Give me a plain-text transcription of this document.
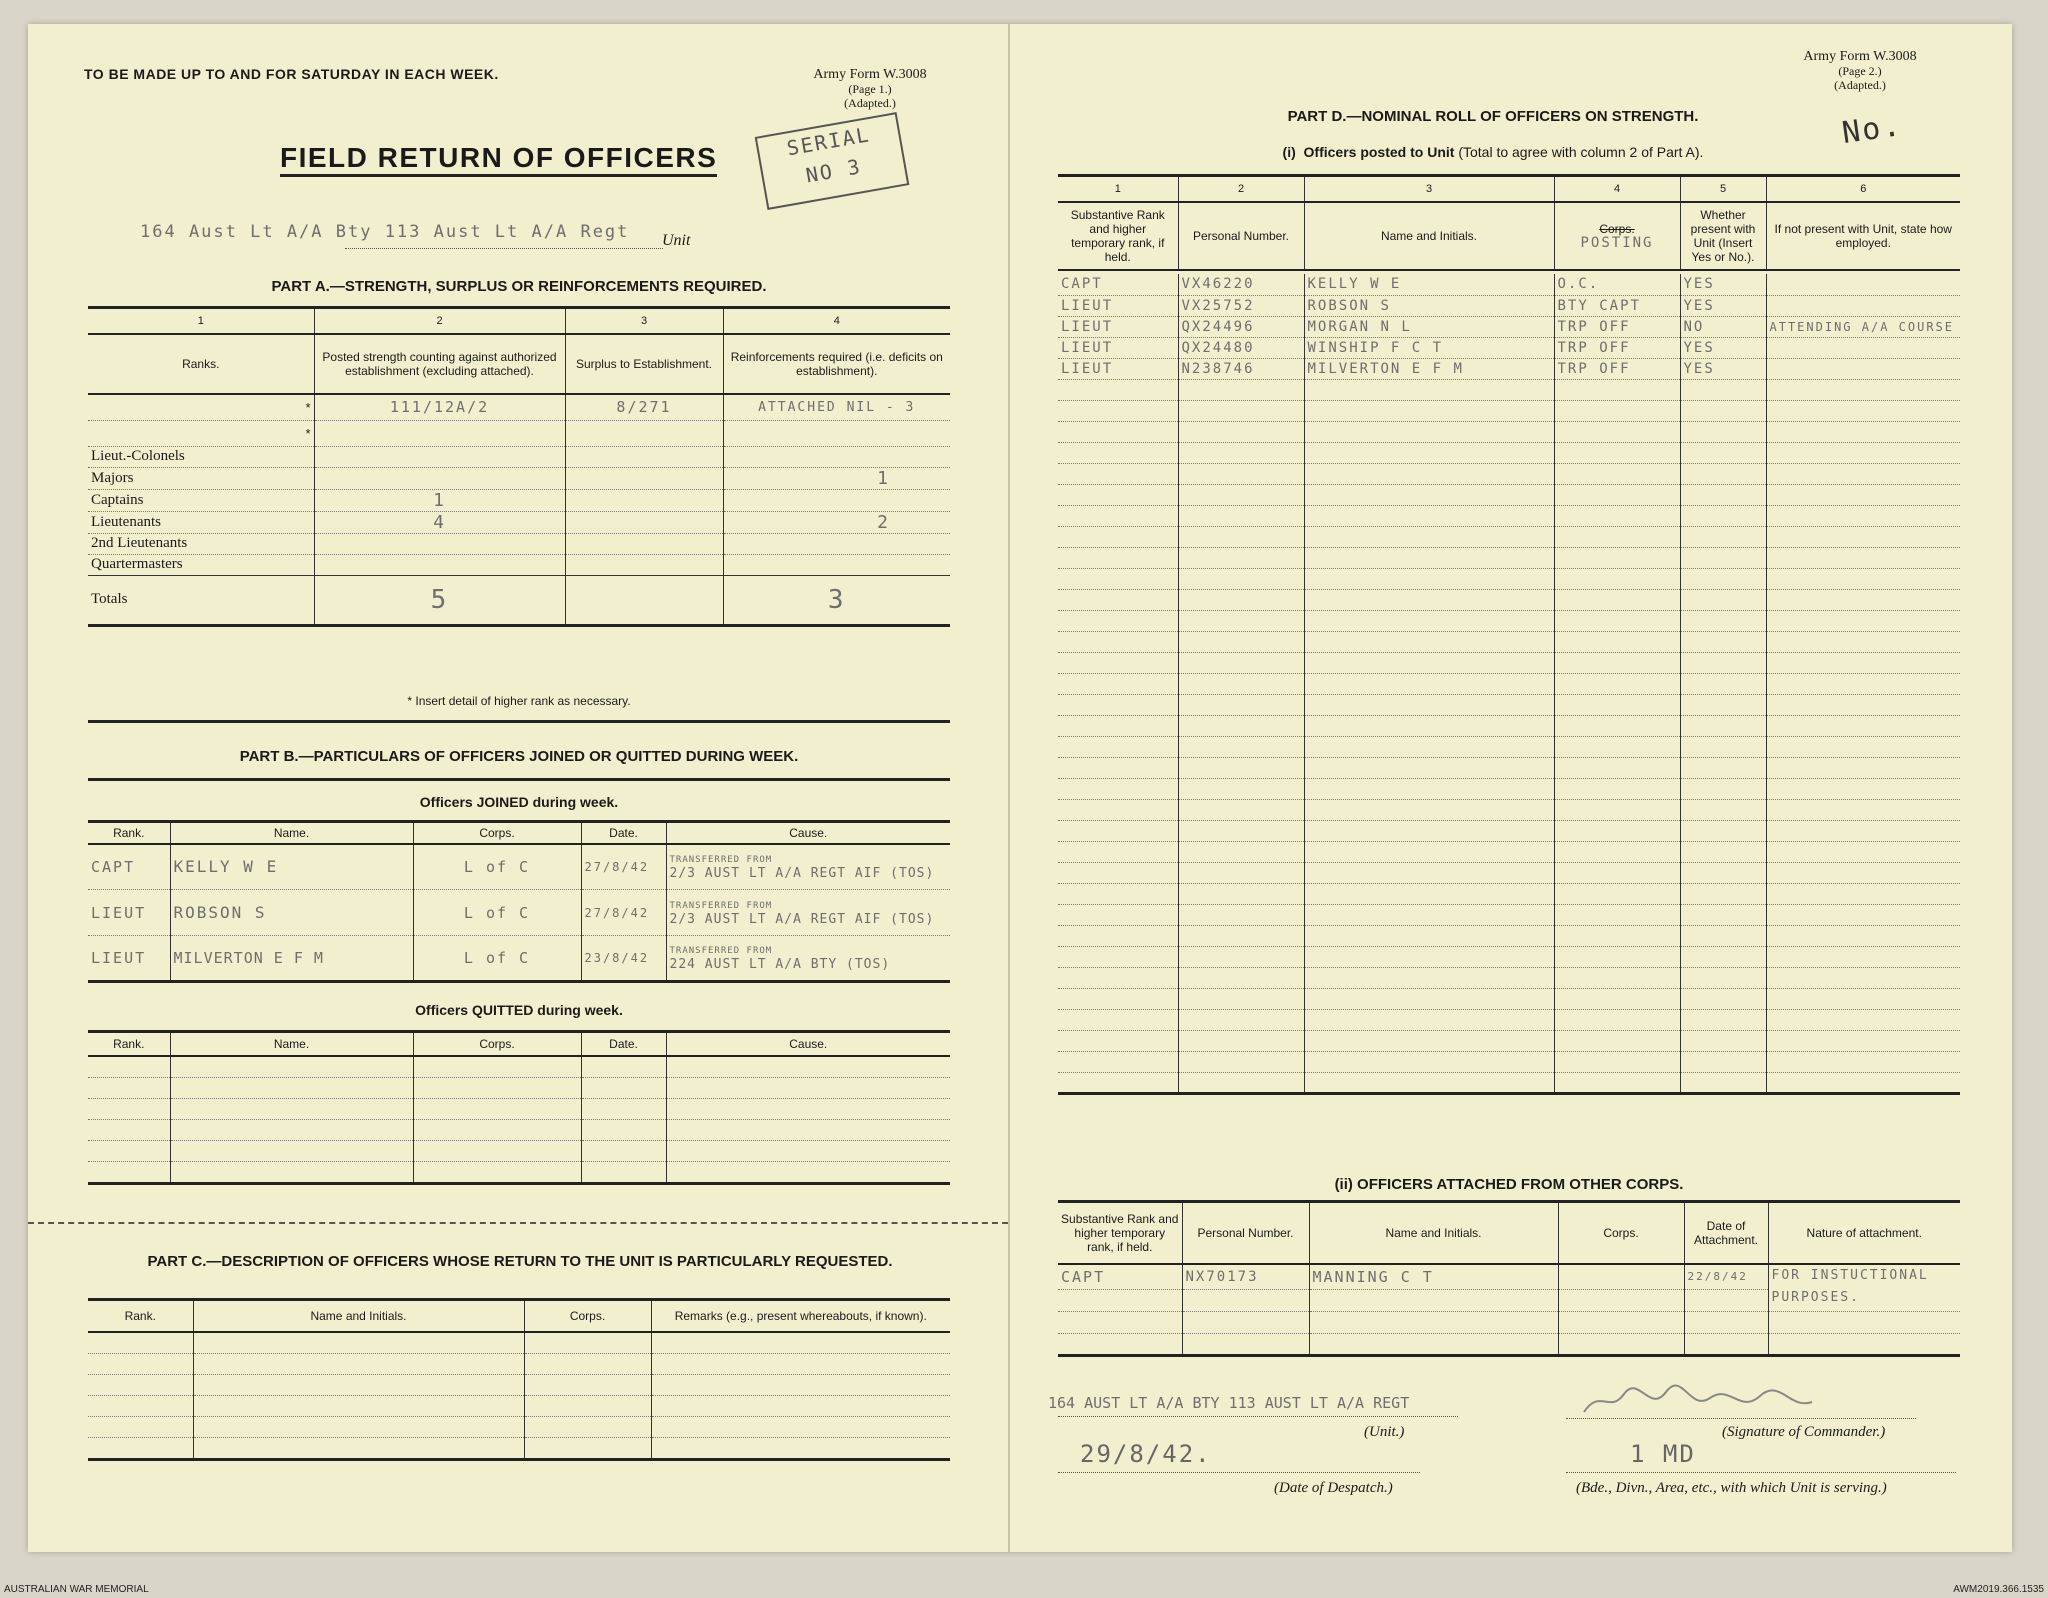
TO BE MADE UP TO AND FOR SATURDAY IN EACH WEEK.	Army Form W.3008
(Page 1.)
(Adapted.)
FIELD RETURN OF OFFICERS	SERIAL
NO 3
164 Aust Lt A/A Bty 113 Aust Lt A/A Regt Unit
PART A.—STRENGTH, SURPLUS OR REINFORCEMENTS REQUIRED.
1	2	3	4
Ranks.	Posted strength counting against authorized establishment (excluding attached).	Surplus to Establishment.	Reinforcements required (i.e. deficits on establishment).
*	111/12A/2	8/271	ATTACHED NIL - 3
*			
Lieut.-Colonels			
Majors			1
Captains	1		
Lieutenants	4		2
2nd Lieutenants			
Quartermasters			
Totals	5		3
* Insert detail of higher rank as necessary.
PART B.—PARTICULARS OF OFFICERS JOINED OR QUITTED DURING WEEK.
Officers JOINED during week.
Rank.	Name.	Corps.	Date.	Cause.
CAPT	KELLY W E	L of C	27/8/42	TRANSFERRED FROM
2/3 AUST LT A/A REGT AIF (TOS)

LIEUT	ROBSON S	L of C	27/8/42	TRANSFERRED FROM
2/3 AUST LT A/A REGT AIF (TOS)

LIEUT	MILVERTON E F M	L of C	23/8/42	TRANSFERRED FROM
224 AUST LT A/A BTY (TOS)
Officers QUITTED during week.
Rank.	Name.	Corps.	Date.	Cause.

PART C.—DESCRIPTION OF OFFICERS WHOSE RETURN TO THE UNIT IS PARTICULARLY REQUESTED.
Rank.	Name and Initials.	Corps.	Remarks (e.g., present whereabouts, if known).

Army Form W.3008
(Page 2.)
(Adapted.)
No.
PART D.—NOMINAL ROLL OF OFFICERS ON STRENGTH.
(i) Officers posted to Unit (Total to agree with column 2 of Part A).
1	2	3	4	5	6
Substantive Rank and higher temporary rank, if held.	Personal Number.	Name and Initials.	Corps.
POSTING	Whether present with Unit (Insert Yes or No.).	If not present with Unit, state how employed.
CAPT	VX46220	KELLY W E	O.C.	YES	
LIEUT	VX25752	ROBSON S	BTY CAPT	YES	
LIEUT	QX24496	MORGAN N L	TRP OFF	NO	ATTENDING A/A COURSE
LIEUT	QX24480	WINSHIP F C T	TRP OFF	YES	
LIEUT	N238746	MILVERTON E F M	TRP OFF	YES	

(ii) OFFICERS ATTACHED FROM OTHER CORPS.
Substantive Rank and higher temporary rank, if held.	Personal Number.	Name and Initials.	Corps.	Date of Attachment.	Nature of attachment.
CAPT	NX70173	MANNING C T		22/8/42	FOR INSTUCTIONAL PURPOSES.

164 AUST LT A/A BTY 113 AUST LT A/A REGT
(Unit.)	(Signature of Commander.)
29/8/42.
(Date of Despatch.)
1 MD
(Bde., Divn., Area, etc., with which Unit is serving.)
AUSTRALIAN WAR MEMORIAL	AWM2019.366.1535
